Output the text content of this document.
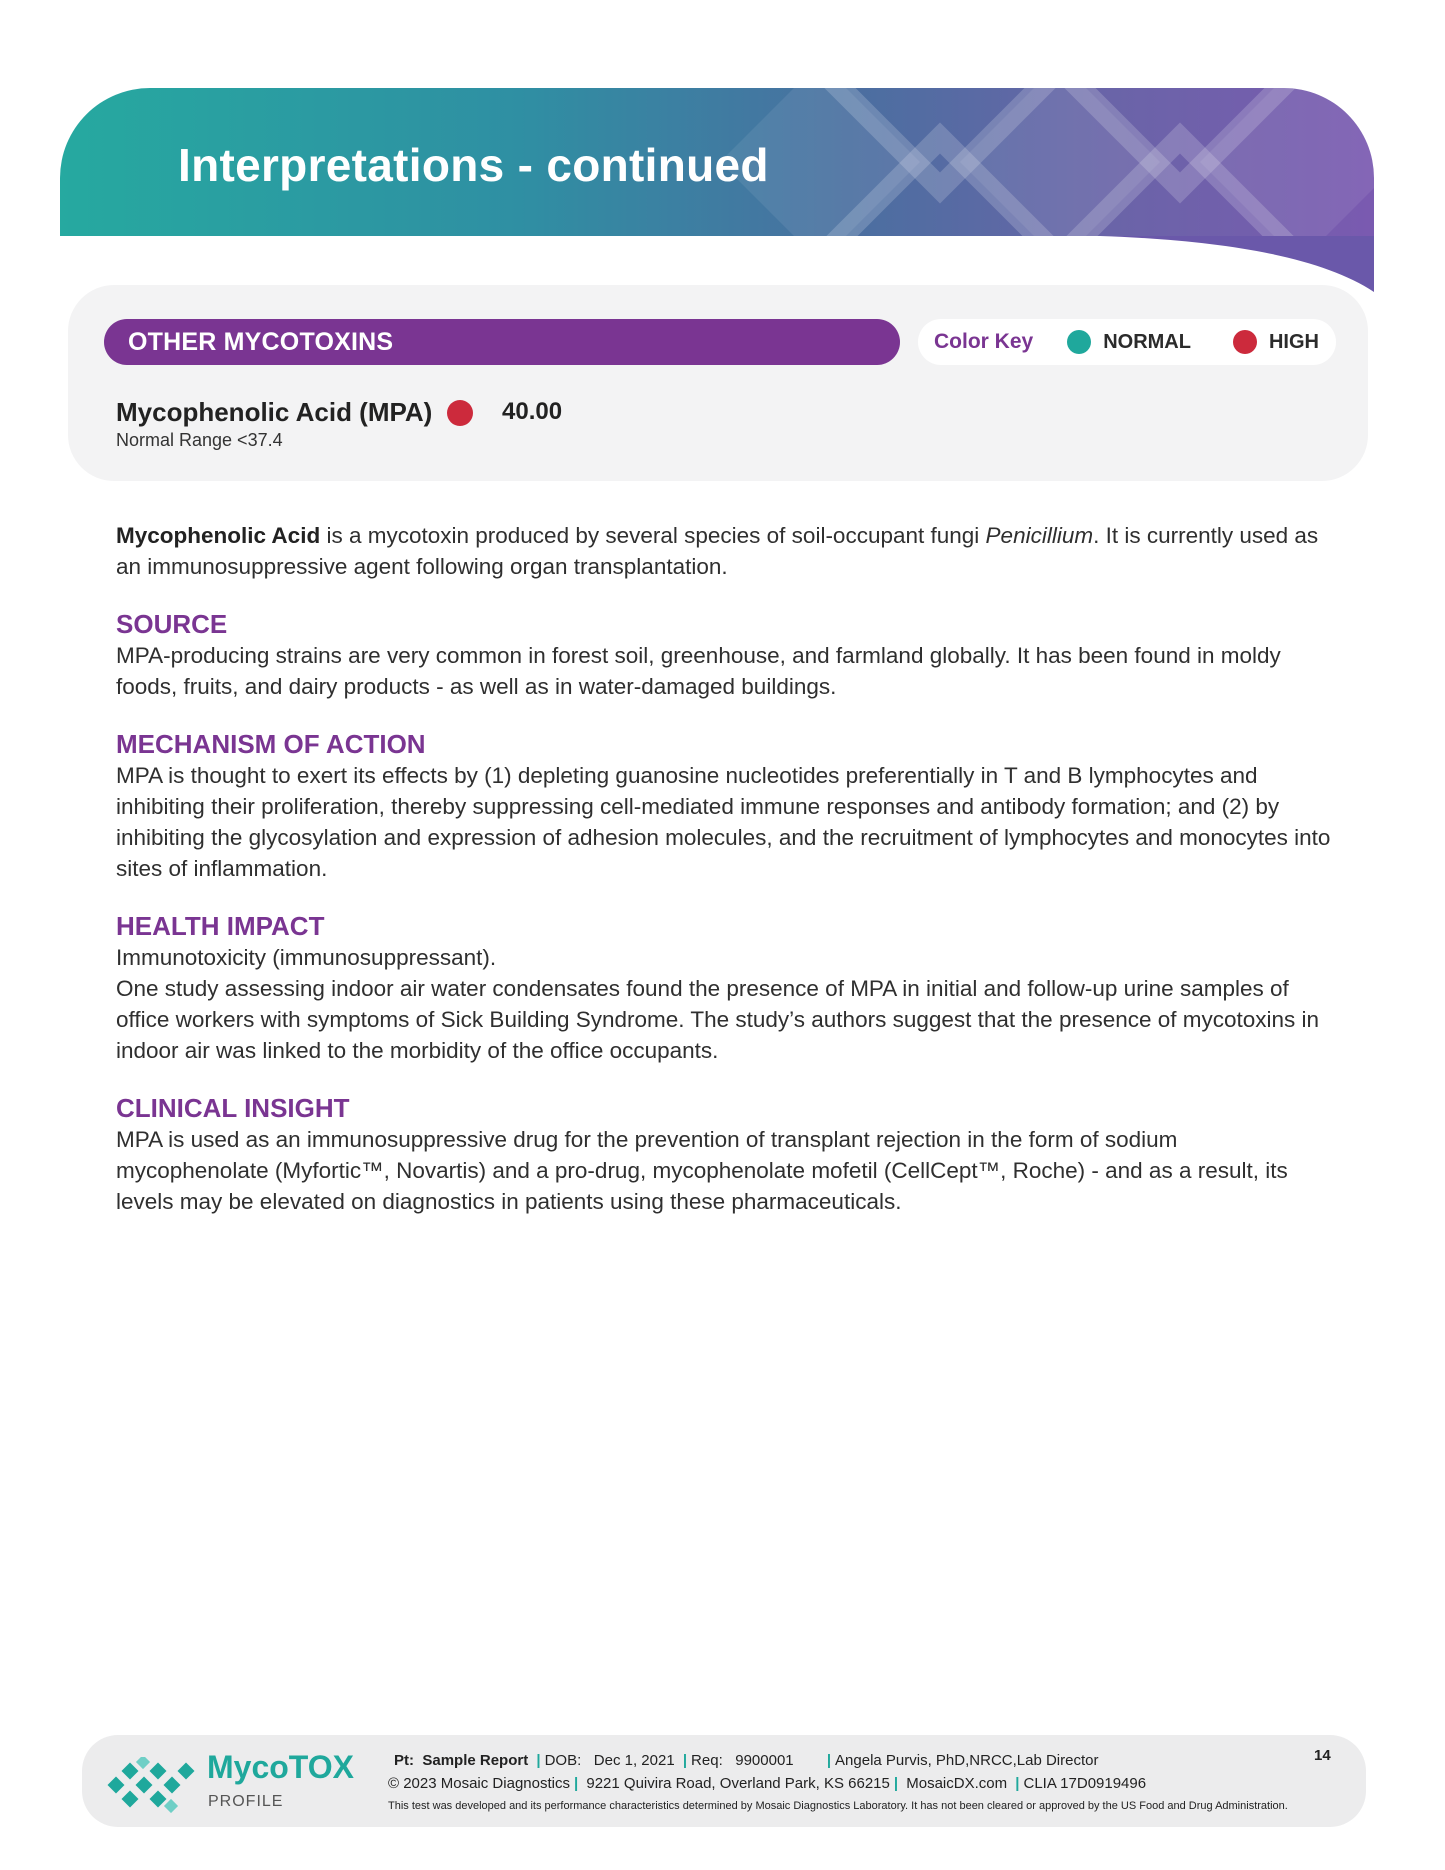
Interpretations - continued
OTHER MYCOTOXINS	Color Key	NORMAL	HIGH
Mycophenolic Acid (MPA)	40.00
Normal Range <37.4

Mycophenolic Acid is a mycotoxin produced by several species of soil-occupant fungi Penicillium. It is currently used as an immunosuppressive agent following organ transplantation.

SOURCE

MPA-producing strains are very common in forest soil, greenhouse, and farmland globally. It has been found in moldy foods, fruits, and dairy products - as well as in water-damaged buildings.

MECHANISM OF ACTION

MPA is thought to exert its effects by (1) depleting guanosine nucleotides preferentially in T and B lymphocytes and inhibiting their proliferation, thereby suppressing cell-mediated immune responses and antibody formation; and (2) by inhibiting the glycosylation and expression of adhesion molecules, and the recruitment of lymphocytes and monocytes into sites of inflammation.

HEALTH IMPACT

Immunotoxicity (immunosuppressant).

One study assessing indoor air water condensates found the presence of MPA in initial and follow-up urine samples of office workers with symptoms of Sick Building Syndrome. The study’s authors suggest that the presence of mycotoxins in indoor air was linked to the morbidity of the office occupants.

CLINICAL INSIGHT

MPA is used as an immunosuppressive drug for the prevention of transplant rejection in the form of sodium mycophenolate (Myfortic™, Novartis) and a pro-drug, mycophenolate mofetil (CellCept™, Roche) - and as a result, its levels may be elevated on diagnostics in patients using these pharmaceuticals.

MycoTOX
PROFILE
Pt: Sample Report | DOB: Dec 1, 2021 | Req: 9900001 | Angela Purvis, PhD,NRCC,Lab Director
© 2023 Mosaic Diagnostics | 9221 Quivira Road, Overland Park, KS 66215 | MosaicDX.com | CLIA 17D0919496
This test was developed and its performance characteristics determined by Mosaic Diagnostics Laboratory. It has not been cleared or approved by the US Food and Drug Administration.
14
